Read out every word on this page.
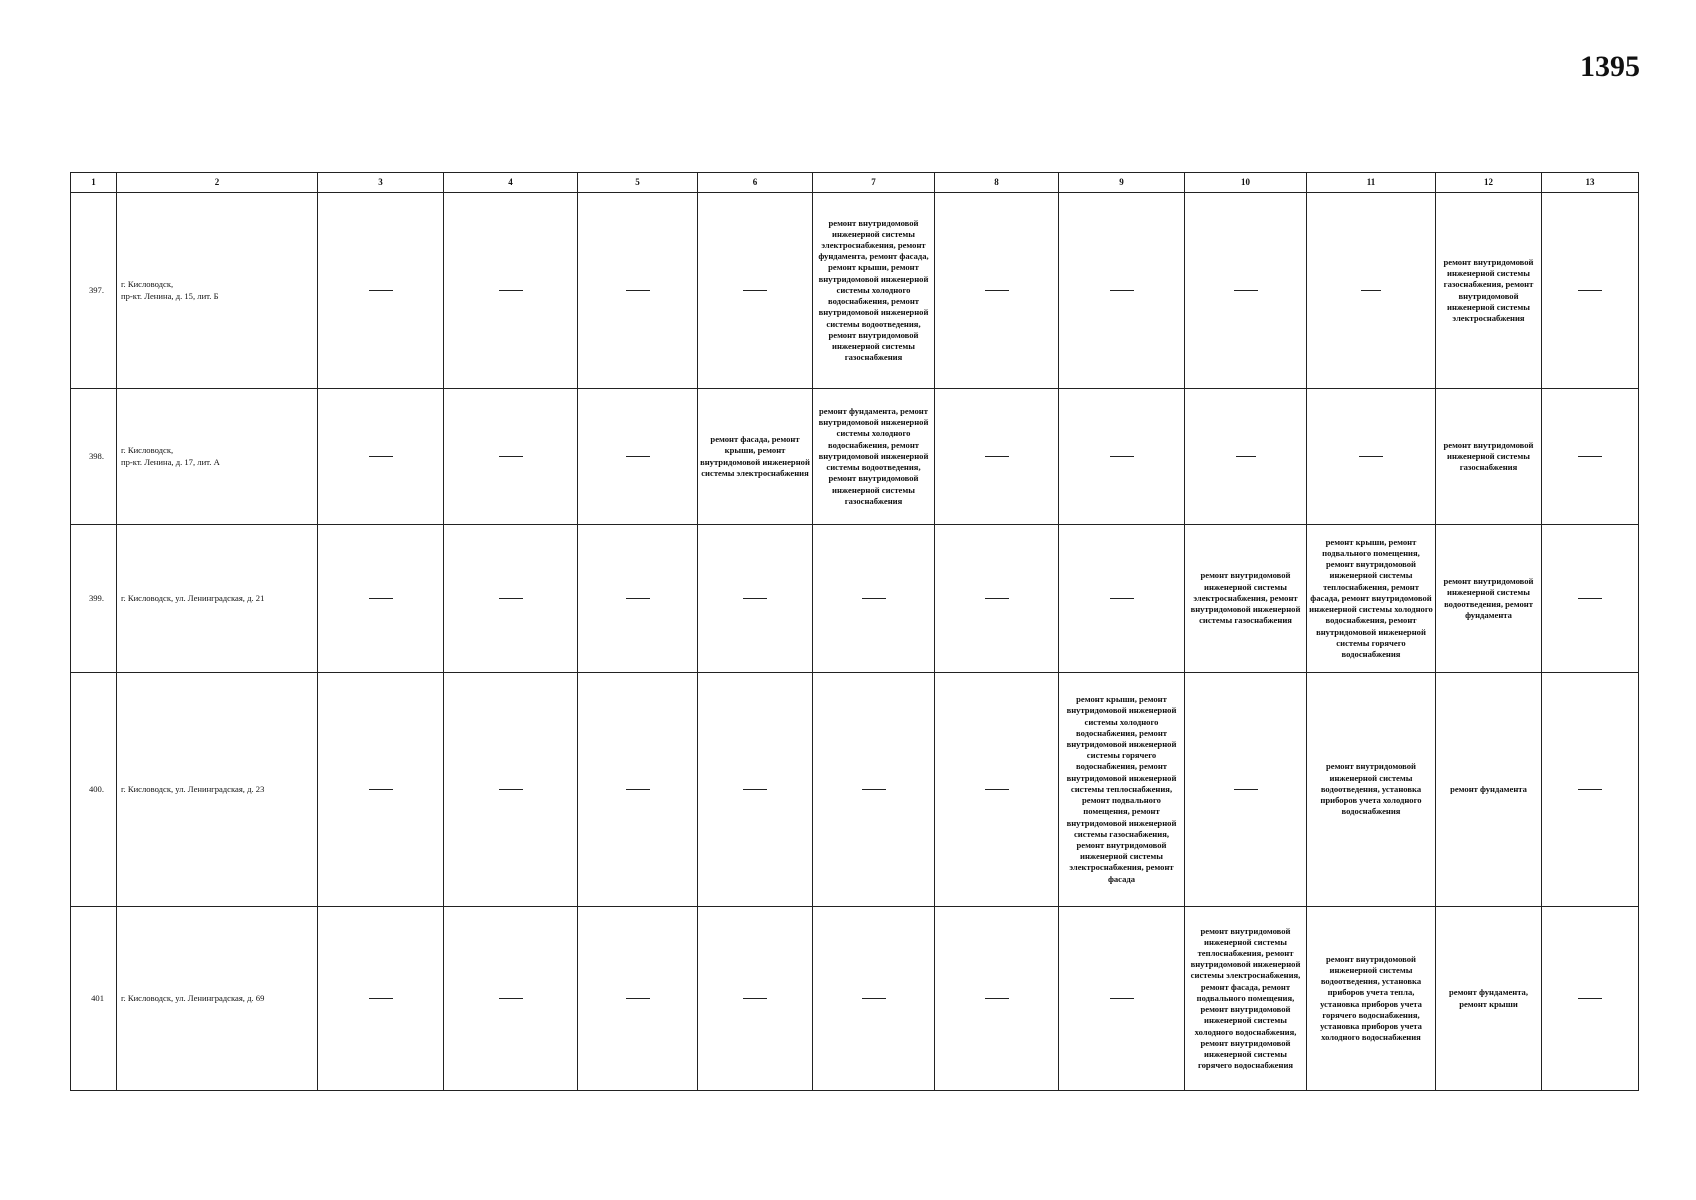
1395
1	2	3	4	5	6	7	8	9	10	11	12	13
397.	г. Кисловодск,
пр-кт. Ленина, д. 15, лит. Б					ремонт внутридомовой инженерной системы электроснабжения, ремонт фундамента, ремонт фасада, ремонт крыши, ремонт внутридомовой инженерной системы холодного водоснабжения, ремонт внутридомовой инженерной системы водоотведения, ремонт внутридомовой инженерной системы газоснабжения					ремонт внутридомовой инженерной системы газоснабжения, ремонт внутридомовой инженерной системы электроснабжения	

398.	г. Кисловодск,
пр-кт. Ленина, д. 17, лит. А				ремонт фасада, ремонт крыши, ремонт внутридомовой инженерной системы электроснабжения	ремонт фундамента, ремонт внутридомовой инженерной системы холодного водоснабжения, ремонт внутридомовой инженерной системы водоотведения, ремонт внутридомовой инженерной системы газоснабжения					ремонт внутридомовой инженерной системы газоснабжения	

399.	г. Кисловодск, ул. Ленинградская, д. 21								ремонт внутридомовой инженерной системы электроснабжения, ремонт внутридомовой инженерной системы газоснабжения	ремонт крыши, ремонт подвального помещения, ремонт внутридомовой инженерной системы теплоснабжения, ремонт фасада, ремонт внутридомовой инженерной системы холодного водоснабжения, ремонт внутридомовой инженерной системы горячего водоснабжения	ремонт внутридомовой инженерной системы водоотведения, ремонт фундамента	

400.	г. Кисловодск, ул. Ленинградская, д. 23							ремонт крыши, ремонт внутридомовой инженерной системы холодного водоснабжения, ремонт внутридомовой инженерной системы горячего водоснабжения, ремонт внутридомовой инженерной системы теплоснабжения, ремонт подвального помещения, ремонт внутридомовой инженерной системы газоснабжения, ремонт внутридомовой инженерной системы электроснабжения, ремонт фасада		ремонт внутридомовой инженерной системы водоотведения, установка приборов учета холодного водоснабжения	ремонт фундамента	

401	г. Кисловодск, ул. Ленинградская, д. 69								ремонт внутридомовой инженерной системы теплоснабжения, ремонт внутридомовой инженерной системы электроснабжения, ремонт фасада, ремонт подвального помещения, ремонт внутридомовой инженерной системы холодного водоснабжения, ремонт внутридомовой инженерной системы горячего водоснабжения	ремонт внутридомовой инженерной системы водоотведения, установка приборов учета тепла, установка приборов учета горячего водоснабжения, установка приборов учета холодного водоснабжения	ремонт фундамента, ремонт крыши	
